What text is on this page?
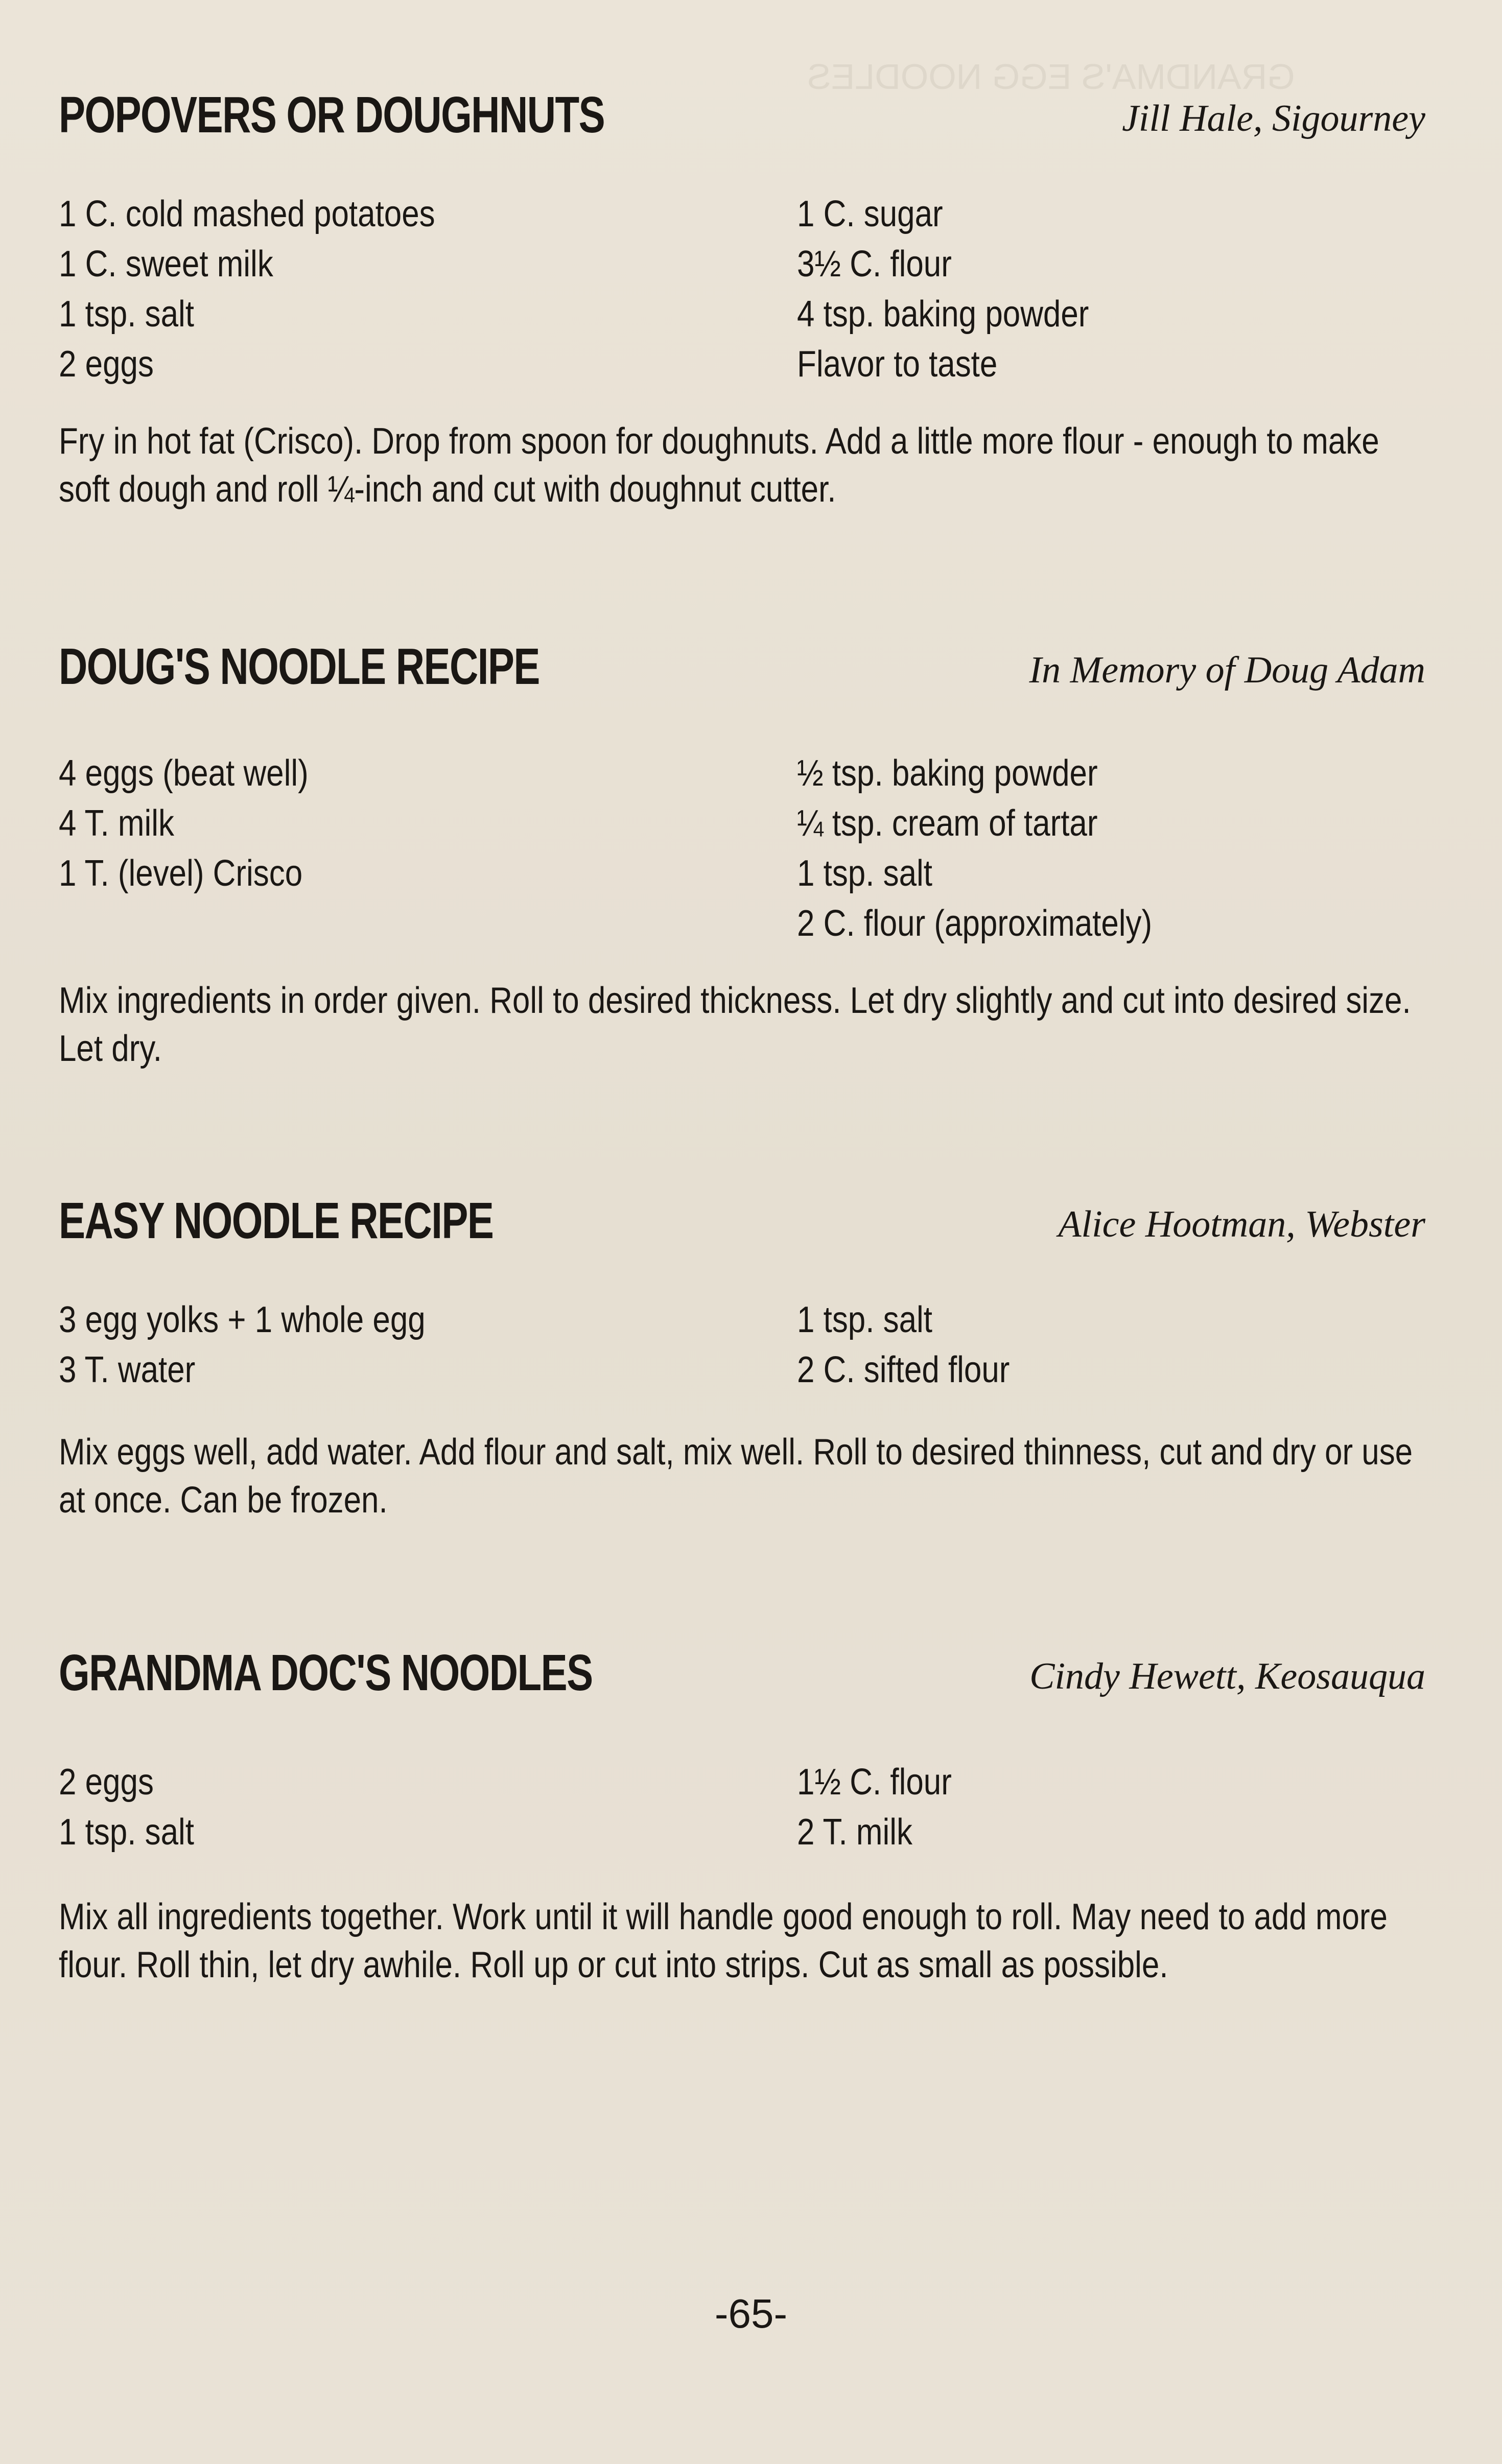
GRANDMA'S EGG NOODLES
POPOVERS OR DOUGHNUTS	Jill Hale, Sigourney
1 C. cold mashed potatoes
1 C. sweet milk
1 tsp. salt
2 eggs
1 C. sugar
3½ C. flour
4 tsp. baking powder
Flavor to taste
Fry in hot fat (Crisco). Drop from spoon for doughnuts. Add a little more flour - enough to make soft dough and roll ¼-inch and cut with doughnut cutter.
DOUG'S NOODLE RECIPE	In Memory of Doug Adam
4 eggs (beat well)
4 T. milk
1 T. (level) Crisco
½ tsp. baking powder
¼ tsp. cream of tartar
1 tsp. salt
2 C. flour (approximately)
Mix ingredients in order given. Roll to desired thickness. Let dry slightly and cut into desired size. Let dry.
EASY NOODLE RECIPE	Alice Hootman, Webster
3 egg yolks + 1 whole egg
3 T. water
1 tsp. salt
2 C. sifted flour
Mix eggs well, add water. Add flour and salt, mix well. Roll to desired thinness, cut and dry or use at once. Can be frozen.
GRANDMA DOC'S NOODLES	Cindy Hewett, Keosauqua
2 eggs
1 tsp. salt
1½ C. flour
2 T. milk
Mix all ingredients together. Work until it will handle good enough to roll. May need to add more flour. Roll thin, let dry awhile. Roll up or cut into strips. Cut as small as possible.
-65-
